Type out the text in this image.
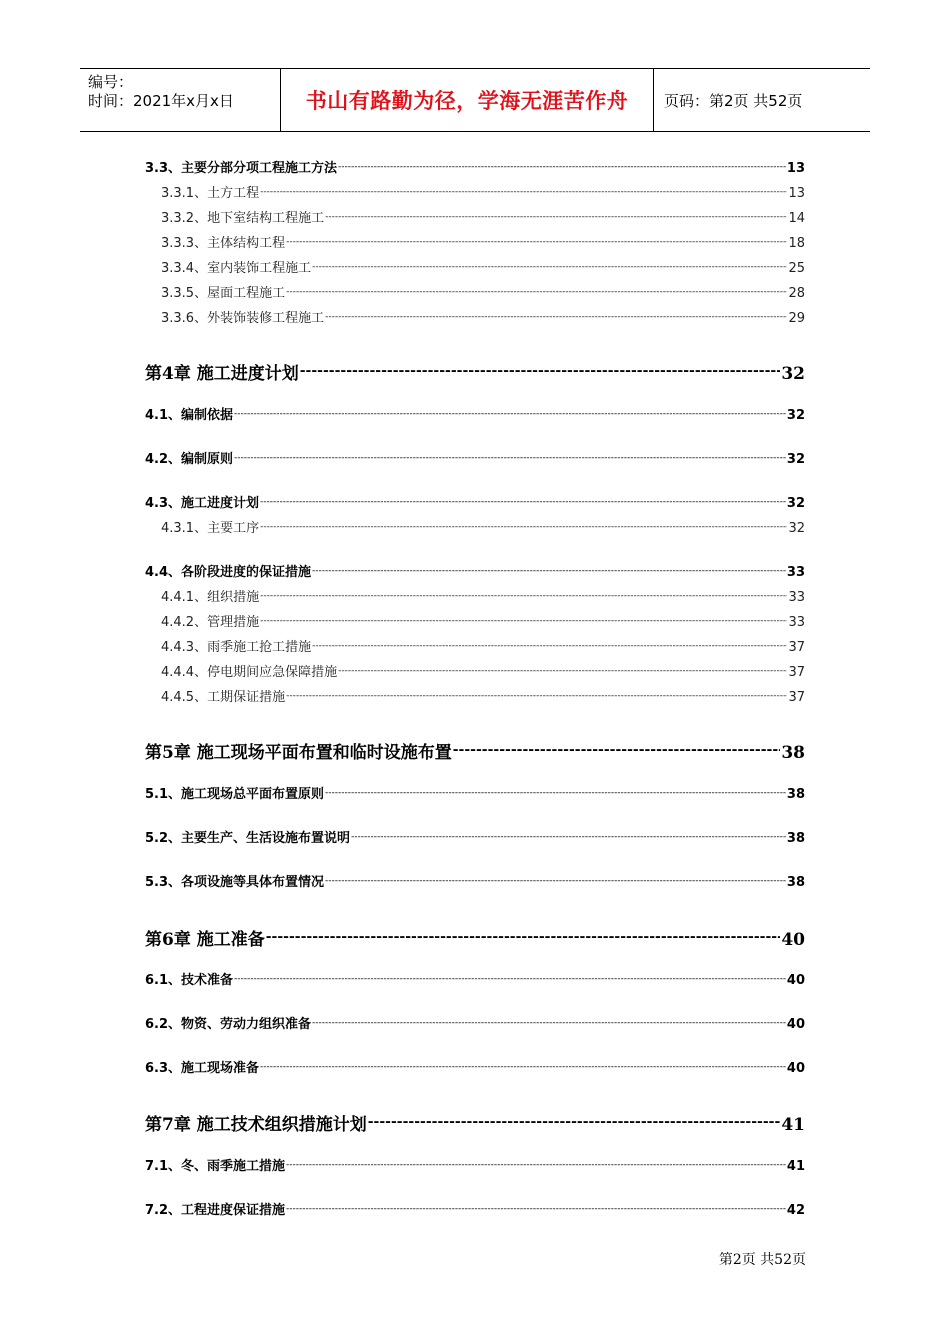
编号：
时间：2021年x月x日	书山有路勤为径，学海无涯苦作舟 页码：第2页 共52页
3.3、主要分部分项工程施工方法 -----	13
3.3.1、土方工程 -----	13
3.3.2、地下室结构工程施工 -----	14
3.3.3、主体结构工程 -----	18
3.3.4、室内装饰工程施工 -----	25
3.3.5、屋面工程施工 -----	28
3.3.6、外装饰装修工程施工 -----	29
第4章 施工进度计划 -----	32
4.1、编制依据 -----	32
4.2、编制原则 -----	32
4.3、施工进度计划 -----	32
4.3.1、主要工序 -----	32
4.4、各阶段进度的保证措施 -----	33
4.4.1、组织措施 -----	33
4.4.2、管理措施 -----	33
4.4.3、雨季施工抢工措施 -----	37
4.4.4、停电期间应急保障措施 -----	37
4.4.5、工期保证措施 -----	37
第5章 施工现场平面布置和临时设施布置 -----	38
5.1、施工现场总平面布置原则 -----	38
5.2、主要生产、生活设施布置说明 -----	38
5.3、各项设施等具体布置情况 -----	38
第6章 施工准备 -----	40
6.1、技术准备 -----	40
6.2、物资、劳动力组织准备 -----	40
6.3、施工现场准备 -----	40
第7章 施工技术组织措施计划 -----	41
7.1、冬、雨季施工措施 -----	41
7.2、工程进度保证措施 -----	42
第2页 共52页
